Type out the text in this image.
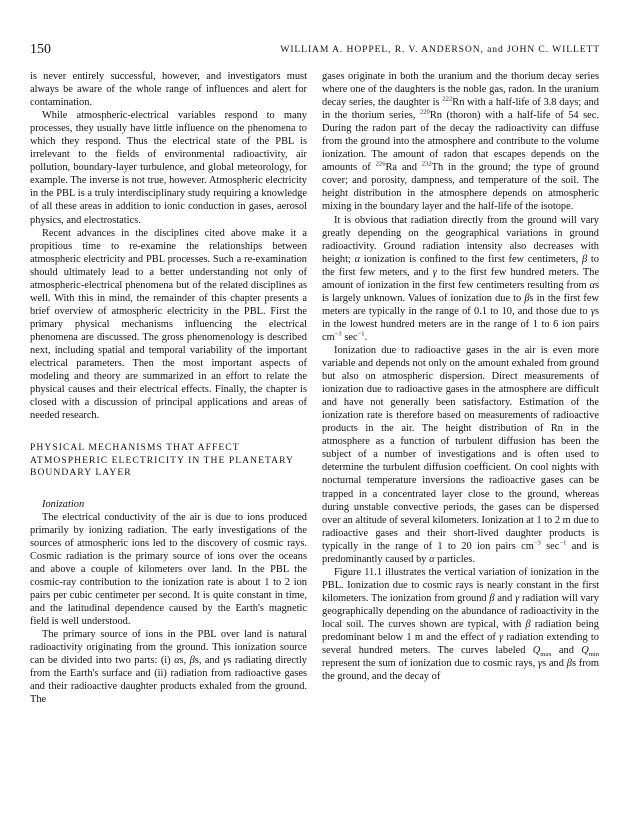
150	WILLIAM A. HOPPEL, R. V. ANDERSON, and JOHN C. WILLETT

is never entirely successful, however, and investigators must always be aware of the whole range of influences and alert for contamination.

While atmospheric-electrical variables respond to many processes, they usually have little influence on the phenomena to which they respond. Thus the electrical state of the PBL is irrelevant to the fields of environmental radioactivity, air pollution, boundary-layer turbulence, and global meteorology, for example. The inverse is not true, however. Atmospheric electricity in the PBL is a truly interdisciplinary study requiring a knowledge of all these areas in addition to ionic conduction in gases, aerosol physics, and electrostatics.

Recent advances in the disciplines cited above make it a propitious time to re-examine the relationships between atmospheric electricity and PBL processes. Such a re-examination should ultimately lead to a better understanding not only of atmospheric-electrical phenomena but of the related disciplines as well. With this in mind, the remainder of this chapter presents a brief overview of atmospheric electricity in the PBL. First the primary physical mechanisms influencing the electrical phenomena are discussed. The gross phenomenology is described next, including spatial and temporal variability of the important electrical parameters. Then the most important aspects of modeling and theory are summarized in an effort to relate the physical causes and their electrical effects. Finally, the chapter is closed with a discussion of principal applications and areas of needed research.

PHYSICAL MECHANISMS THAT AFFECT ATMOSPHERIC ELECTRICITY IN THE PLANETARY BOUNDARY LAYER

Ionization

The electrical conductivity of the air is due to ions produced primarily by ionizing radiation. The early investigations of the sources of atmospheric ions led to the discovery of cosmic rays. Cosmic radiation is the primary source of ions over the oceans and above a couple of kilometers over land. In the PBL the cosmic-ray contribution to the ionization rate is about 1 to 2 ion pairs per cubic centimeter per second. It is quite constant in time, and the latitudinal dependence caused by the Earth's magnetic field is well understood.

The primary source of ions in the PBL over land is natural radioactivity originating from the ground. This ionization source can be divided into two parts: (i) αs, βs, and γs radiating directly from the Earth's surface and (ii) radiation from radioactive gases and their radioactive daughter products exhaled from the ground. The

gases originate in both the uranium and the thorium decay series where one of the daughters is the noble gas, radon. In the uranium decay series, the daughter is $^{222}$Rn with a half-life of 3.8 days; and in the thorium series, $^{220}$Rn (thoron) with a half-life of 54 sec. During the radon part of the decay the radioactivity can diffuse from the ground into the atmosphere and contribute to the volume ionization. The amount of radon that escapes depends on the amounts of $^{226}$Ra and $^{232}$Th in the ground; the type of ground cover; and porosity, dampness, and temperature of the soil. The height distribution in the atmosphere depends on atmospheric mixing in the boundary layer and the half-life of the isotope.

It is obvious that radiation directly from the ground will vary greatly depending on the geographical variations in ground radioactivity. Ground radiation intensity also decreases with height; α ionization is confined to the first few centimeters, β to the first few meters, and γ to the first few hundred meters. The amount of ionization in the first few centimeters resulting from αs is largely unknown. Values of ionization due to βs in the first few meters are typically in the range of 0.1 to 10, and those due to γs in the lowest hundred meters are in the range of 1 to 6 ion pairs $cm^{-3}$ $\sec^{-1}$.

Ionization due to radioactive gases in the air is even more variable and depends not only on the amount exhaled from ground but also on atmospheric dispersion. Direct measurements of ionization due to radioactive gases in the atmosphere are difficult and have not generally been satisfactory. Estimation of the ionization rate is therefore based on measurements of radioactive products in the air. The height distribution of Rn in the atmosphere as a function of turbulent diffusion has been the subject of a number of investigations and is often used to determine the turbulent diffusion coefficient. On cool nights with nocturnal temperature inversions the radioactive gases can be trapped in a concentrated layer close to the ground, whereas during unstable convective periods, the gases can be dispersed over an altitude of several kilometers. Ionization at 1 to 2 m due to radioactive gases and their short-lived daughter products is typically in the range of 1 to 20 ion pairs $cm^{-3}$ $\sec^{-1}$ and is predominantly caused by α particles.

Figure 11.1 illustrates the vertical variation of ionization in the PBL. Ionization due to cosmic rays is nearly constant in the first kilometers. The ionization from ground β and γ radiation will vary geographically depending on the abundance of radioactivity in the local soil. The curves shown are typical, with β radiation being predominant below 1 m and the effect of γ radiation extending to several hundred meters. The curves labeled $Q_{max}$ and $Q_{min}$ represent the sum of ionization due to cosmic rays, γs and βs from the ground, and the decay of
